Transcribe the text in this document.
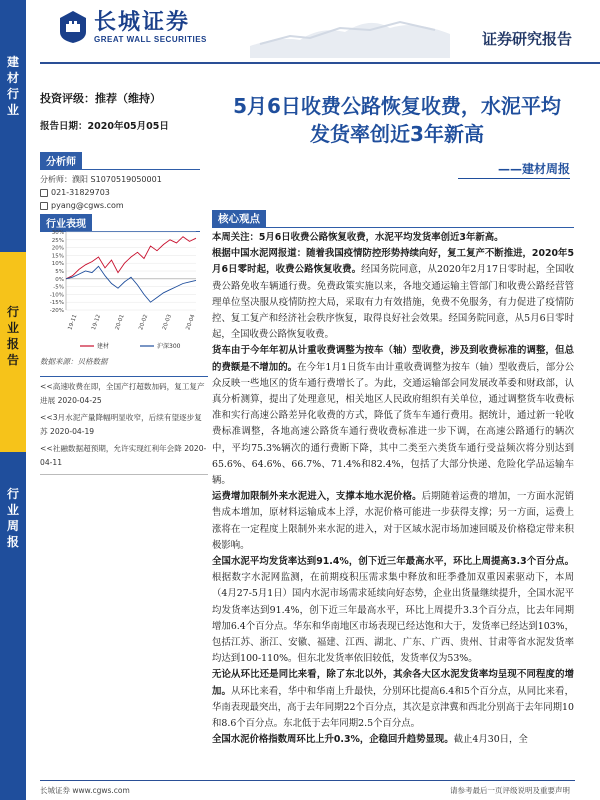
长城证券
GREAT WALL SECURITIES	证券研究报告
建材行业
行业报告
行业周报
投资评级：推荐（维持）
报告日期：2020年05月05日
分析师
分析师：濮阳 S1070519050001
021-31829703
pyang@cgws.com
行业表现
30%
25%
20%
15%
10%
5%
0%
-5%
-10%
-15%
-20%
19-11 19-12 20-01 20-02 20-03 20-04
建材	沪深300
数据来源：贝格数据
<<高速收费在即，全国产打超数加码，复工复产进展 2020-04-25
<<3月水泥产量降幅明显收窄，后续有望逐步复苏 2020-04-19
<<社融数据超预期，允许实现红利年会降 2020-04-11
5月6日收费公路恢复收费，水泥平均
发货率创近3年新高
——建材周报
核心观点

本周关注：5月6日收费公路恢复收费，水泥平均发货率创近3年新高。

根据中国水泥网报道：随着我国疫情防控形势持续向好，复工复产不断推进，2020年5月6日零时起，收费公路恢复收费。经国务院同意，从2020年2月17日零时起，全国收费公路免收车辆通行费。免费政策实施以来，各地交通运输主管部门和收费公路经营管理单位坚决服从疫情防控大局，采取有力有效措施，免费不免服务，有力促进了疫情防控、复工复产和经济社会秩序恢复，取得良好社会效果。经国务院同意，从5月6日零时起，全国收费公路恢复收费。

货车由于今年年初从计重收费调整为按车（轴）型收费，涉及到收费标准的调整，但总的费额是不增加的。在今年1月1日货车由计重收费调整为按车（轴）型收费后，部分公众反映一些地区的货车通行费增长了。为此，交通运输部会同发展改革委和财政部，认真分析测算，提出了处理意见，相关地区人民政府组织有关单位，通过调整货车收费标准和实行高速公路差异化收费的方式，降低了货车车通行费用。据统计，通过新一轮收费标准调整，各地高速公路货车通行费收费标准进一步下调，在高速公路通行的辆次中，平均75.3%辆次的通行费断下降，其中二类至六类货车通行受益频次将分别达到65.6%、64.6%、66.7%、71.4%和82.4%，包括了大部分快递、危险化学品运输车辆。

运费增加限制外来水泥进入，支撑本地水泥价格。后期随着运费的增加，一方面水泥销售成本增加，原材料运输成本上浮，水泥价格可能进一步获得支撑；另一方面，运费上涨将在一定程度上限制外来水泥的进入，对于区域水泥市场加速回暖及价格稳定带来积极影响。

全国水泥平均发货率达到91.4%，创下近三年最高水平，环比上周提高3.3个百分点。根据数字水泥网监测，在前期疫积压需求集中释放和旺季叠加双重因素驱动下，本周（4月27-5月1日）国内水泥市场需求延续向好态势，企业出货量继续提升，全国水泥平均发货率达到91.4%，创下近三年最高水平，环比上周提升3.3个百分点，比去年同期增加6.4个百分点。华东和华南地区市场表现已经达饱和大于，发货率已经达到103%，包括江苏、浙江、安徽、福建、江西、湖北、广东、广西、贵州、甘肃等省水泥发货率均达到100-110%。但东北发货率依旧较低，发货率仅为53%。

无论从环比还是同比来看，除了东北以外，其余各大区水泥发货率均呈现不同程度的增加。从环比来看，华中和华南上升最快，分别环比提高6.4和5个百分点，从同比来看，华南表现最突出，高于去年同期22个百分点，其次是京津冀和西北分别高于去年同期10和8.6个百分点。东北低于去年同期2.5个百分点。

全国水泥价格指数周环比上升0.3%，企稳回升趋势显现。截止4月30日，全

长城证券 www.cgws.com	请参考最后一页评级说明及重要声明
